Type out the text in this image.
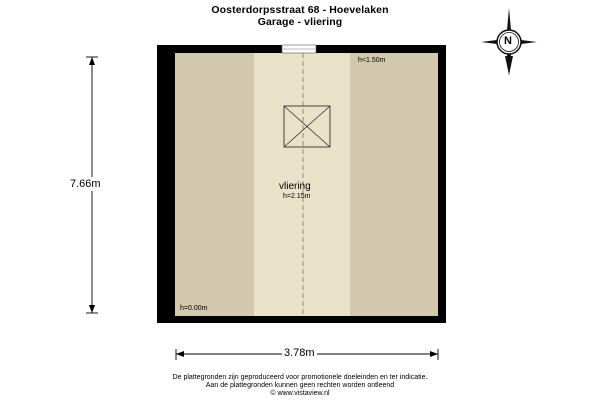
Oosterdorpsstraat 68 - Hoevelaken
Garage - vliering
vliering
h=2.15m
h<1.50m
h=0.00m
7.66m
3.78m
N
De plattegronden zijn geproduceerd voor promotionele doeleinden en ter indicatie.
Aan de plattegronden kunnen geen rechten worden ontleend
© www.vistaview.nl
